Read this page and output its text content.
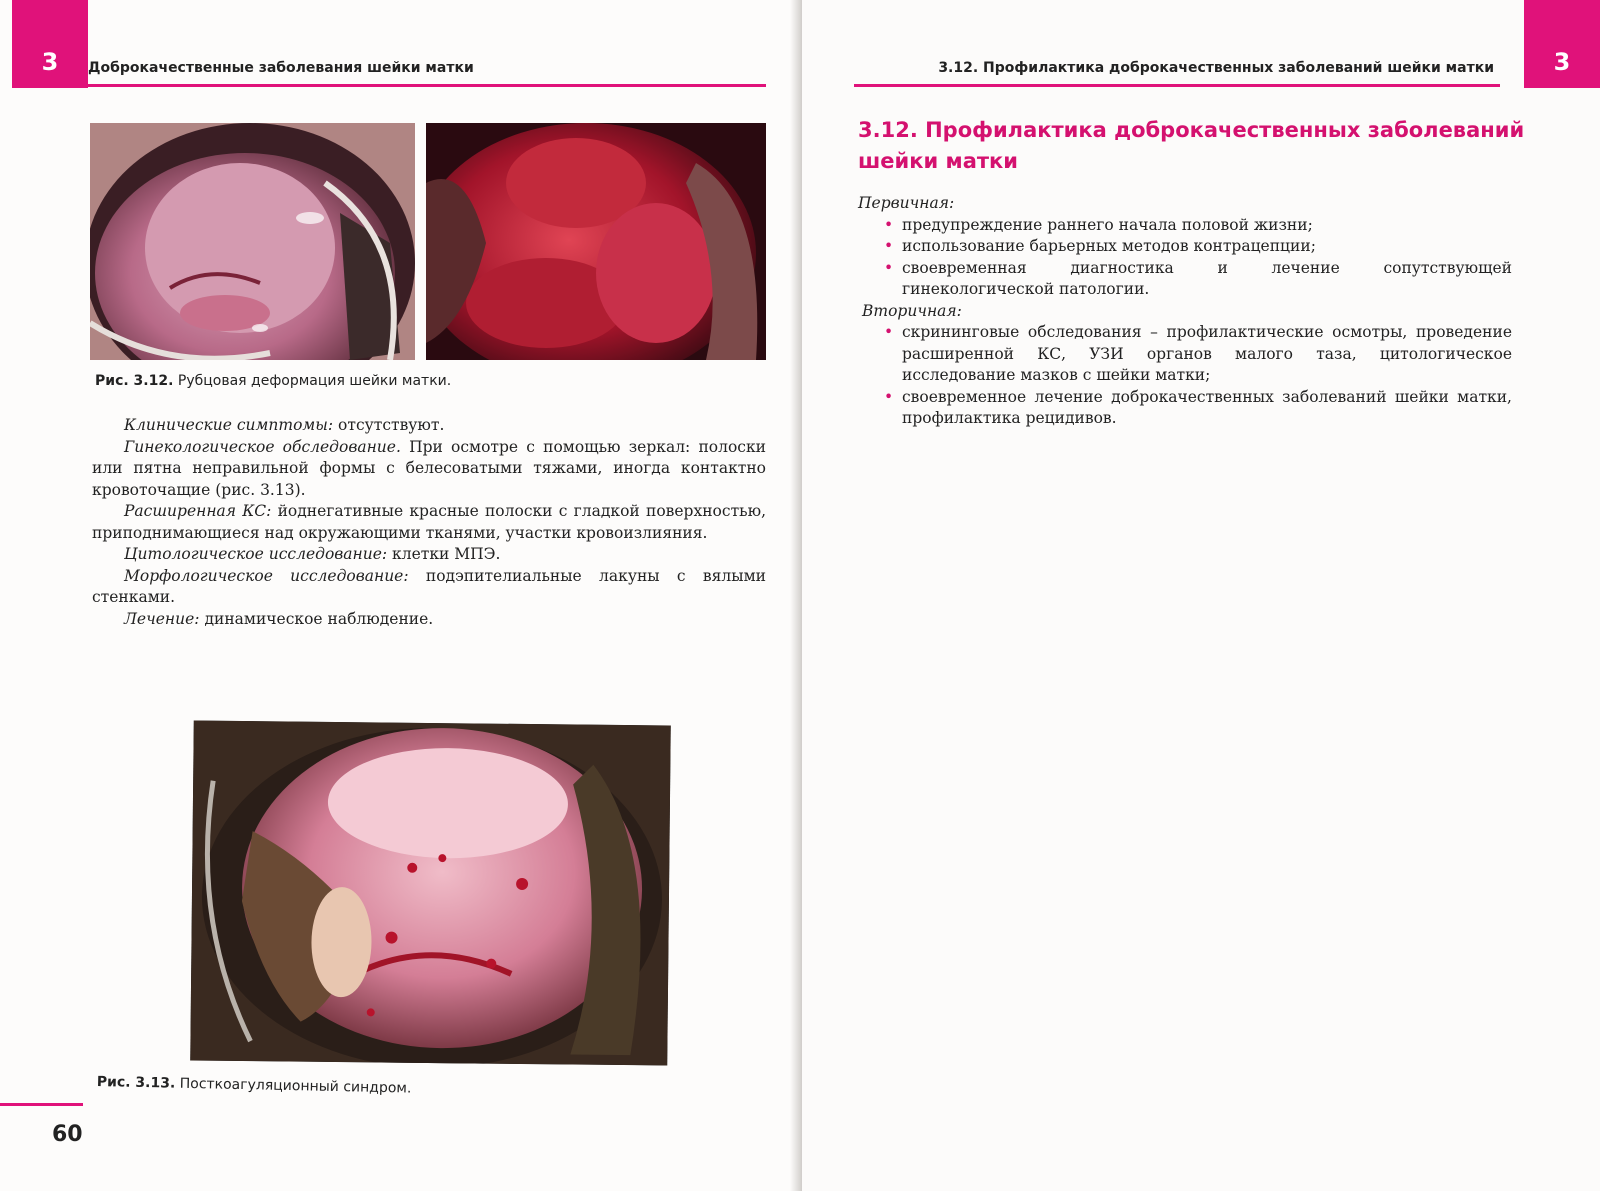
3 Доброкачественные заболевания шейки матки
Рис. 3.12. Рубцовая деформация шейки матки.

Клинические симптомы: отсутствуют.

Гинекологическое обследование. При осмотре с помощью зеркал: полоски или пятна неправильной формы с белесоватыми тяжами, иногда контактно кровоточащие (рис. 3.13).

Расширенная КС: йоднегативные красные полоски с гладкой поверхностью, приподнимающиеся над окружающими тканями, участки кровоизлияния.

Цитологическое исследование: клетки МПЭ.

Морфологическое исследование: подэпителиальные лакуны с вялыми стенками.

Лечение: динамическое наблюдение.

Рис. 3.13. Посткоагуляционный синдром.
60
3.12. Профилактика доброкачественных заболеваний шейки матки 3
3.12. Профилактика доброкачественных заболеваний
шейки матки

Первичная:

• предупреждение раннего начала половой жизни;
• использование барьерных методов контрацепции;
• своевременная диагностика и лечение сопутствующей гинекологической патологии.

Вторичная:

• скрининговые обследования – профилактические осмотры, проведение расширенной КС, УЗИ органов малого таза, цитологическое исследование мазков с шейки матки;
• своевременное лечение доброкачественных заболеваний шейки матки, профилактика рецидивов.
